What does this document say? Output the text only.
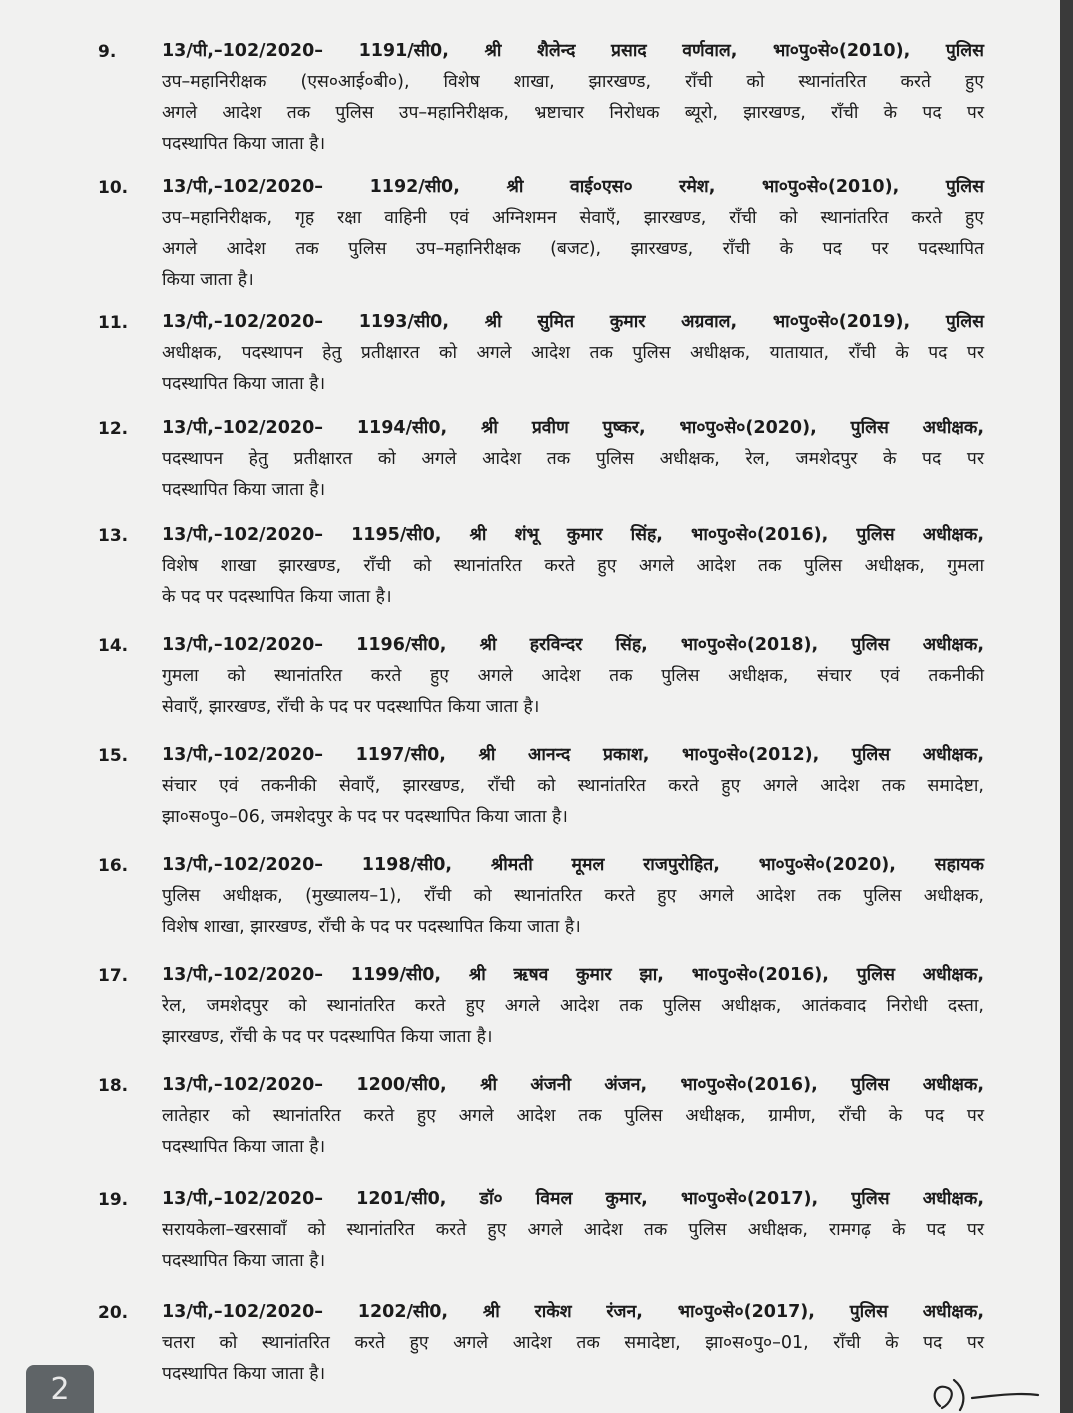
9.	13/पी,–102/2020– 1191/सी0, श्री शैलेन्द प्रसाद वर्णवाल, भा०पु०से०(2010), पुलिस
उप–महानिरीक्षक (एस०आई०बी०), विशेष शाखा, झारखण्ड, राँची को स्थानांतरित करते हुए
अगले आदेश तक पुलिस उप–महानिरीक्षक, भ्रष्टाचार निरोधक ब्यूरो, झारखण्ड, राँची के पद पर
पदस्थापित किया जाता है।
10. 13/पी,–102/2020– 1192/सी0, श्री वाई०एस० रमेश, भा०पु०से०(2010), पुलिस
उप–महानिरीक्षक, गृह रक्षा वाहिनी एवं अग्निशमन सेवाएँ, झारखण्ड, राँची को स्थानांतरित करते हुए
अगले आदेश तक पुलिस उप–महानिरीक्षक (बजट), झारखण्ड, राँची के पद पर पदस्थापित
किया जाता है।
11. 13/पी,–102/2020– 1193/सी0, श्री सुमित कुमार अग्रवाल, भा०पु०से०(2019), पुलिस
अधीक्षक, पदस्थापन हेतु प्रतीक्षारत को अगले आदेश तक पुलिस अधीक्षक, यातायात, राँची के पद पर
पदस्थापित किया जाता है।
12. 13/पी,–102/2020– 1194/सी0, श्री प्रवीण पुष्कर, भा०पु०से०(2020), पुलिस अधीक्षक,
पदस्थापन हेतु प्रतीक्षारत को अगले आदेश तक पुलिस अधीक्षक, रेल, जमशेदपुर के पद पर
पदस्थापित किया जाता है।
13. 13/पी,–102/2020– 1195/सी0, श्री शंभू कुमार सिंह, भा०पु०से०(2016), पुलिस अधीक्षक,
विशेष शाखा झारखण्ड, राँची को स्थानांतरित करते हुए अगले आदेश तक पुलिस अधीक्षक, गुमला
के पद पर पदस्थापित किया जाता है।
14. 13/पी,–102/2020– 1196/सी0, श्री हरविन्दर सिंह, भा०पु०से०(2018), पुलिस अधीक्षक,
गुमला को स्थानांतरित करते हुए अगले आदेश तक पुलिस अधीक्षक, संचार एवं तकनीकी
सेवाएँ, झारखण्ड, राँची के पद पर पदस्थापित किया जाता है।
15. 13/पी,–102/2020– 1197/सी0, श्री आनन्द प्रकाश, भा०पु०से०(2012), पुलिस अधीक्षक,
संचार एवं तकनीकी सेवाएँ, झारखण्ड, राँची को स्थानांतरित करते हुए अगले आदेश तक समादेष्टा,
झा०स०पु०–06, जमशेदपुर के पद पर पदस्थापित किया जाता है।
16. 13/पी,–102/2020– 1198/सी0, श्रीमती मूमल राजपुरोहित, भा०पु०से०(2020), सहायक
पुलिस अधीक्षक, (मुख्यालय–1), राँची को स्थानांतरित करते हुए अगले आदेश तक पुलिस अधीक्षक,
विशेष शाखा, झारखण्ड, राँची के पद पर पदस्थापित किया जाता है।
17. 13/पी,–102/2020– 1199/सी0, श्री ऋषव कुमार झा, भा०पु०से०(2016), पुलिस अधीक्षक,
रेल, जमशेदपुर को स्थानांतरित करते हुए अगले आदेश तक पुलिस अधीक्षक, आतंकवाद निरोधी दस्ता,
झारखण्ड, राँची के पद पर पदस्थापित किया जाता है।
18. 13/पी,–102/2020– 1200/सी0, श्री अंजनी अंजन, भा०पु०से०(2016), पुलिस अधीक्षक,
लातेहार को स्थानांतरित करते हुए अगले आदेश तक पुलिस अधीक्षक, ग्रामीण, राँची के पद पर
पदस्थापित किया जाता है।
19. 13/पी,–102/2020– 1201/सी0, डॉ० विमल कुमार, भा०पु०से०(2017), पुलिस अधीक्षक,
सरायकेला–खरसावाँ को स्थानांतरित करते हुए अगले आदेश तक पुलिस अधीक्षक, रामगढ़ के पद पर
पदस्थापित किया जाता है।
20. 13/पी,–102/2020– 1202/सी0, श्री राकेश रंजन, भा०पु०से०(2017), पुलिस अधीक्षक,
चतरा को स्थानांतरित करते हुए अगले आदेश तक समादेष्टा, झा०स०पु०–01, राँची के पद पर
पदस्थापित किया जाता है।
2
